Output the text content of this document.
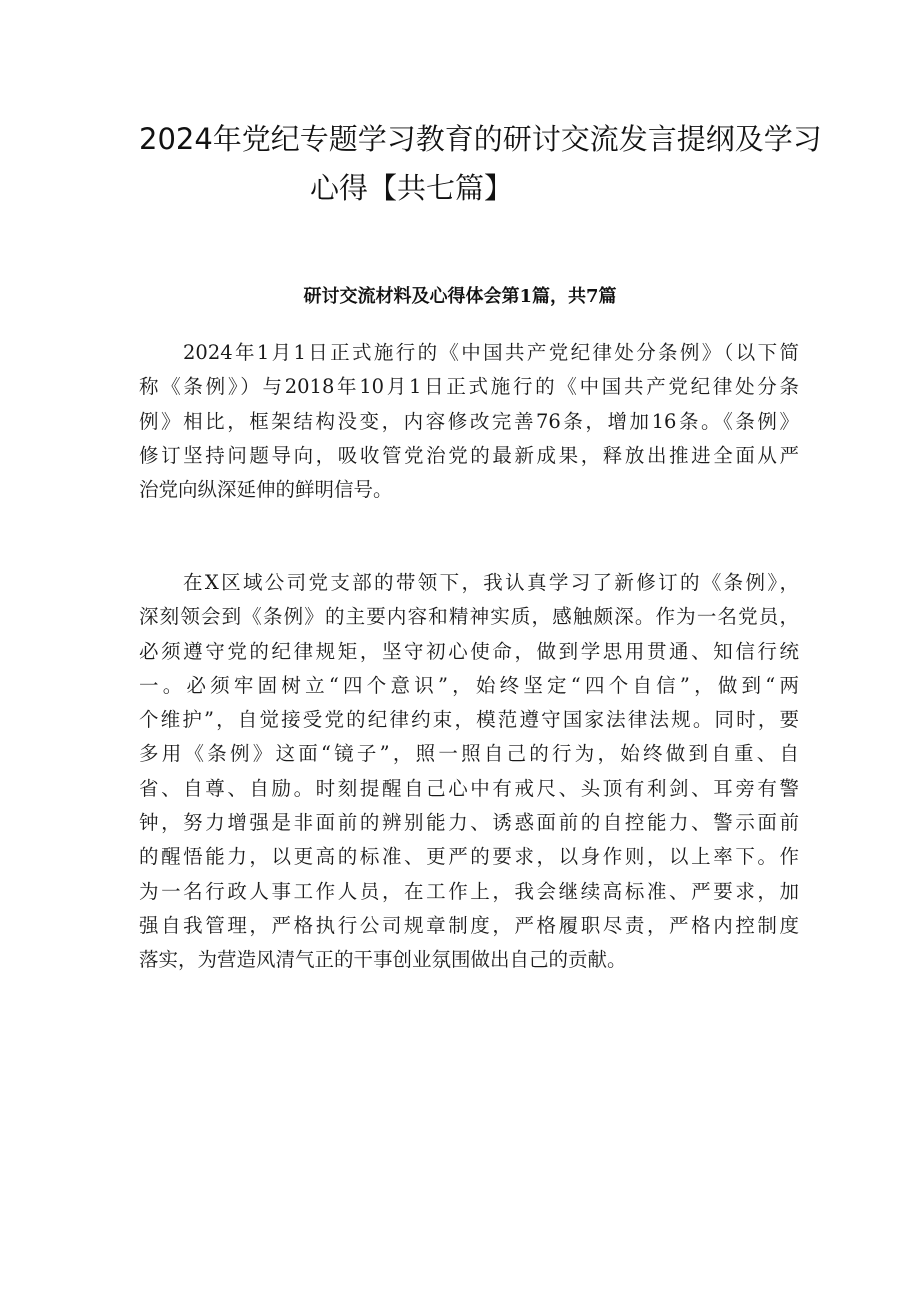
2024年党纪专题学习教育的研讨交流发言提纲及学习
心得【共七篇】
研讨交流材料及心得体会第1篇，共7篇
2024年1月1日正式施行的《中国共产党纪律处分条例》（以下简
称《条例》）与2018年10月1日正式施行的《中国共产党纪律处分条
例》相比，框架结构没变，内容修改完善76条，增加16条。《条例》
修订坚持问题导向，吸收管党治党的最新成果，释放出推进全面从严
治党向纵深延伸的鲜明信号。
在X区域公司党支部的带领下，我认真学习了新修订的《条例》，
深刻领会到《条例》的主要内容和精神实质，感触颇深。作为一名党员，
必须遵守党的纪律规矩，坚守初心使命，做到学思用贯通、知信行统
一。必须牢固树立“四个意识”，始终坚定“四个自信”，做到“两
个维护”，自觉接受党的纪律约束，模范遵守国家法律法规。同时，要
多用《条例》这面“镜子”，照一照自己的行为，始终做到自重、自
省、自尊、自励。时刻提醒自己心中有戒尺、头顶有利剑、耳旁有警
钟，努力增强是非面前的辨别能力、诱惑面前的自控能力、警示面前
的醒悟能力，以更高的标准、更严的要求，以身作则，以上率下。作
为一名行政人事工作人员，在工作上，我会继续高标准、严要求，加
强自我管理，严格执行公司规章制度，严格履职尽责，严格内控制度
落实，为营造风清气正的干事创业氛围做出自己的贡献。
